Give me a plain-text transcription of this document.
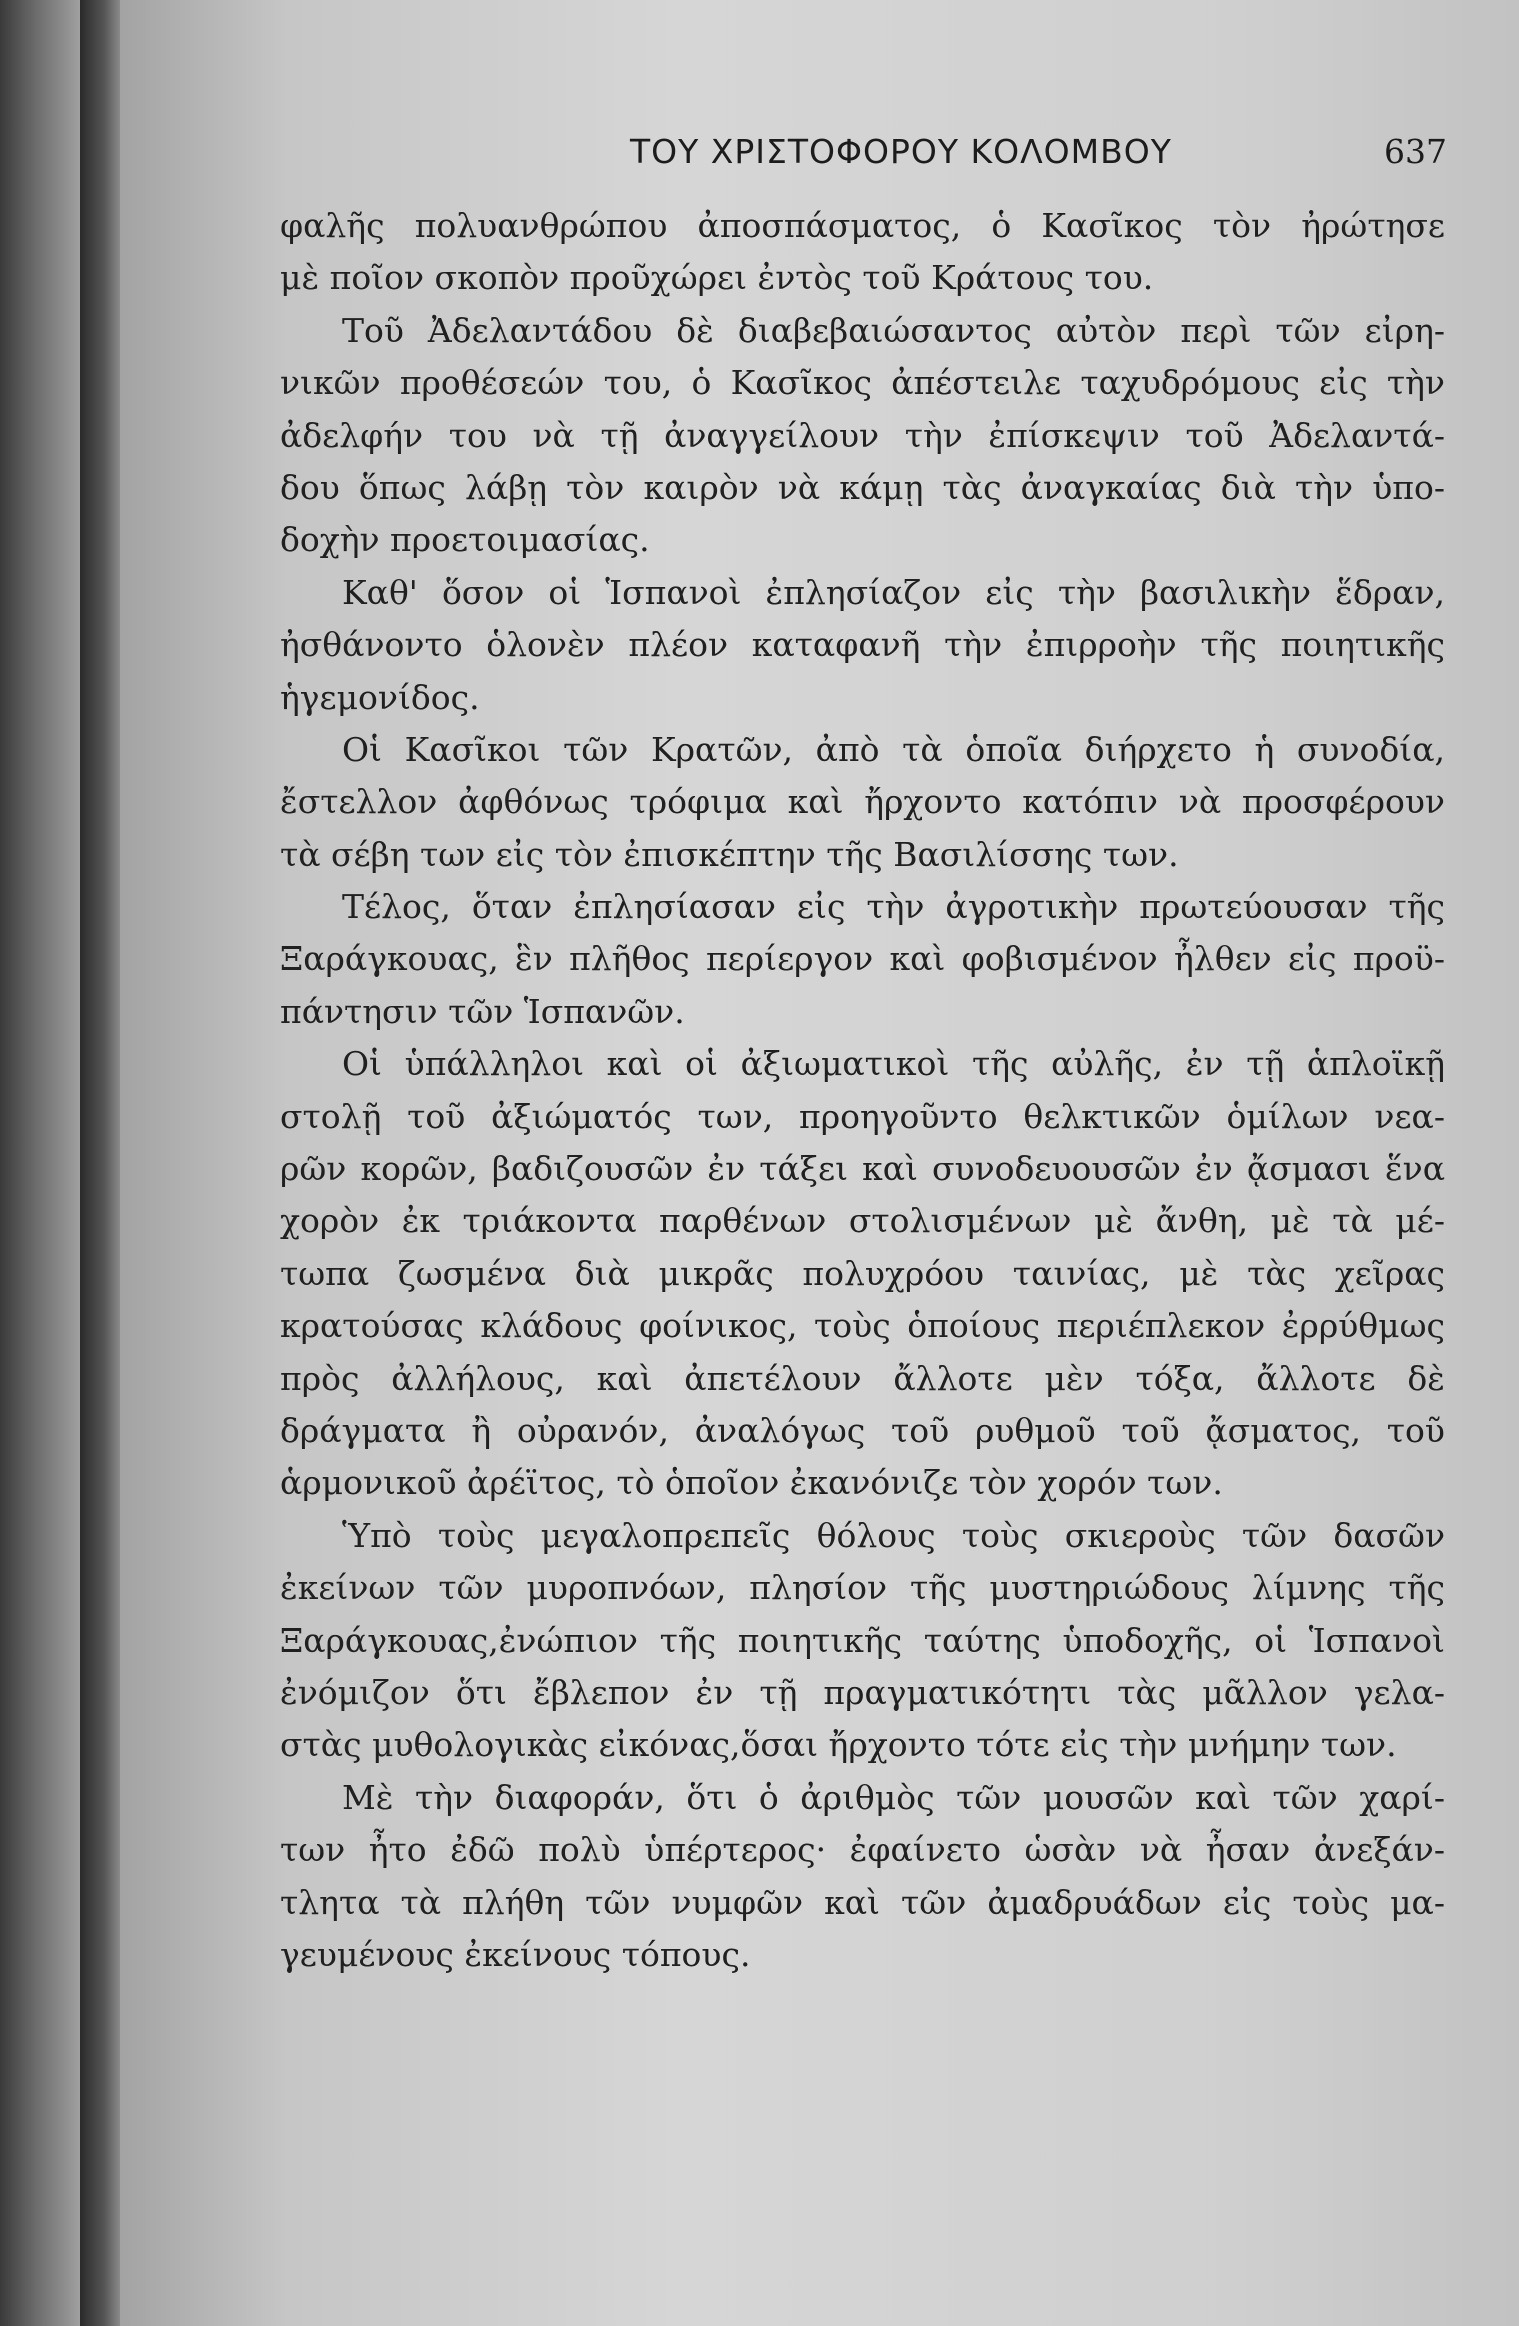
ΤΟΥ ΧΡΙΣΤΟΦΟΡΟΥ ΚΟΛΟΜΒΟΥ	637
φαλῆς πολυανθρώπου ἀποσπάσματος, ὁ Κασῖκος τὸν ἠρώτησε
μὲ ποῖον σκοπὸν προῦχώρει ἐντὸς τοῦ Κράτους του.
Τοῦ Ἀδελαντάδου δὲ διαβεβαιώσαντος αὐτὸν περὶ τῶν εἰρη-
νικῶν προθέσεών του, ὁ Κασῖκος ἀπέστειλε ταχυδρόμους εἰς τὴν
ἀδελφήν του νὰ τῇ ἀναγγείλουν τὴν ἐπίσκεψιν τοῦ Ἀδελαντά-
δου ὅπως λάβῃ τὸν καιρὸν νὰ κάμῃ τὰς ἀναγκαίας διὰ τὴν ὑπο-
δοχὴν προετοιμασίας.
Καθ' ὅσον οἱ Ἱσπανοὶ ἐπλησίαζον εἰς τὴν βασιλικὴν ἕδραν,
ἠσθάνοντο ὁλονὲν πλέον καταφανῆ τὴν ἐπιρροὴν τῆς ποιητικῆς
ἡγεμονίδος.
Οἱ Κασῖκοι τῶν Κρατῶν, ἀπὸ τὰ ὁποῖα διήρχετο ἡ συνοδία,
ἔστελλον ἀφθόνως τρόφιμα καὶ ἤρχοντο κατόπιν νὰ προσφέρουν
τὰ σέβη των εἰς τὸν ἐπισκέπτην τῆς Βασιλίσσης των.
Τέλος, ὅταν ἐπλησίασαν εἰς τὴν ἀγροτικὴν πρωτεύουσαν τῆς
Ξαράγκουας, ἓν πλῆθος περίεργον καὶ φοβισμένον ἦλθεν εἰς προϋ-
πάντησιν τῶν Ἱσπανῶν.
Οἱ ὑπάλληλοι καὶ οἱ ἀξιωματικοὶ τῆς αὐλῆς, ἐν τῇ ἁπλοϊκῇ
στολῇ τοῦ ἀξιώματός των, προηγοῦντο θελκτικῶν ὁμίλων νεα-
ρῶν κορῶν, βαδιζουσῶν ἐν τάξει καὶ συνοδευουσῶν ἐν ᾄσμασι ἕνα
χορὸν ἐκ τριάκοντα παρθένων στολισμένων μὲ ἄνθη, μὲ τὰ μέ-
τωπα ζωσμένα διὰ μικρᾶς πολυχρόου ταινίας, μὲ τὰς χεῖρας
κρατούσας κλάδους φοίνικος, τοὺς ὁποίους περιέπλεκον ἐρρύθμως
πρὸς ἀλλήλους, καὶ ἀπετέλουν ἄλλοτε μὲν τόξα, ἄλλοτε δὲ
δράγματα ἢ οὐρανόν, ἀναλόγως τοῦ ρυθμοῦ τοῦ ᾄσματος, τοῦ
ἁρμονικοῦ ἀρέϊτος, τὸ ὁποῖον ἐκανόνιζε τὸν χορόν των.
Ὑπὸ τοὺς μεγαλοπρεπεῖς θόλους τοὺς σκιεροὺς τῶν δασῶν
ἐκείνων τῶν μυροπνόων, πλησίον τῆς μυστηριώδους λίμνης τῆς
Ξαράγκουας,ἐνώπιον τῆς ποιητικῆς ταύτης ὑποδοχῆς, οἱ Ἱσπανοὶ
ἐνόμιζον ὅτι ἔβλεπον ἐν τῇ πραγματικότητι τὰς μᾶλλον γελα-
στὰς μυθολογικὰς εἰκόνας,ὅσαι ἤρχοντο τότε εἰς τὴν μνήμην των.
Μὲ τὴν διαφοράν, ὅτι ὁ ἀριθμὸς τῶν μουσῶν καὶ τῶν χαρί-
των ἦτο ἐδῶ πολὺ ὑπέρτερος· ἐφαίνετο ὡσὰν νὰ ἦσαν ἀνεξάν-
τλητα τὰ πλήθη τῶν νυμφῶν καὶ τῶν ἀμαδρυάδων εἰς τοὺς μα-
γευμένους ἐκείνους τόπους.
